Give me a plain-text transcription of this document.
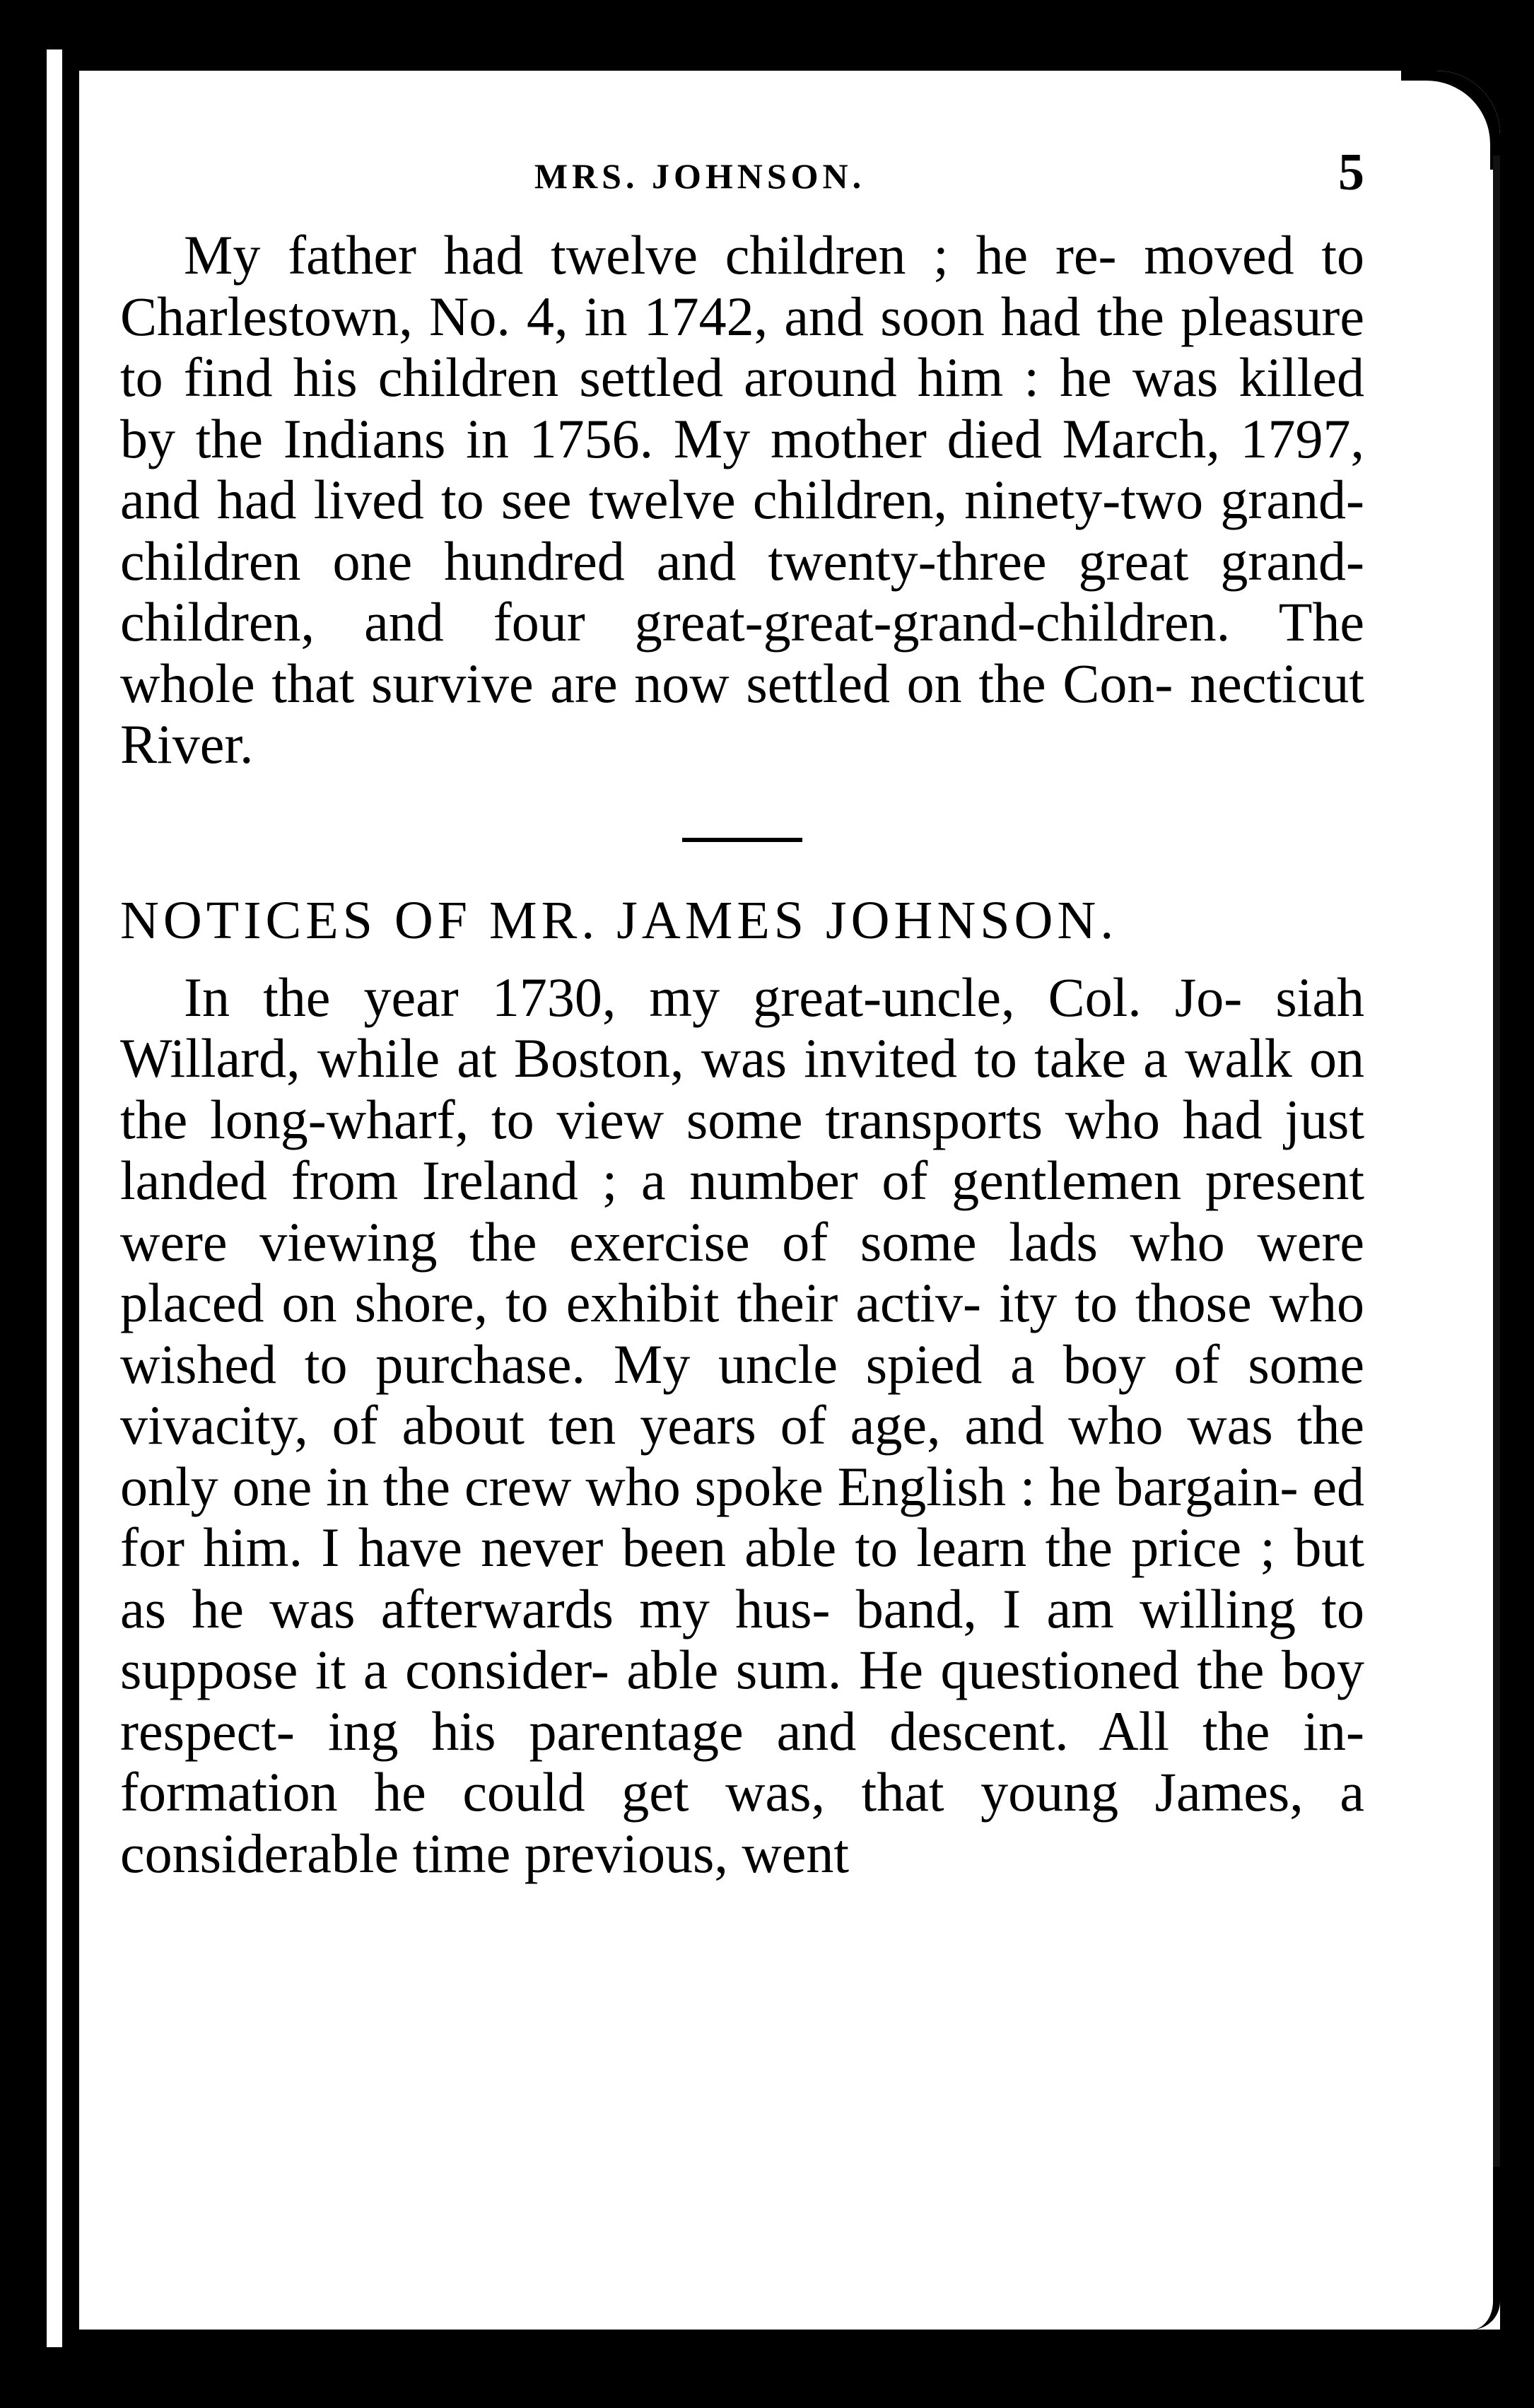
MRS. JOHNSON.	5

My father had twelve children ; he re- moved to Charlestown, No. 4, in 1742, and soon had the pleasure to find his children settled around him : he was killed by the Indians in 1756. My mother died March, 1797, and had lived to see twelve children, ninety-two grand-children one hundred and twenty-three great grand-children, and four great-great-grand-children. The whole that survive are now settled on the Con- necticut River.

NOTICES OF MR. JAMES JOHNSON.

In the year 1730, my great-uncle, Col. Jo- siah Willard, while at Boston, was invited to take a walk on the long-wharf, to view some transports who had just landed from Ireland ; a number of gentlemen present were viewing the exercise of some lads who were placed on shore, to exhibit their activ- ity to those who wished to purchase. My uncle spied a boy of some vivacity, of about ten years of age, and who was the only one in the crew who spoke English : he bargain- ed for him. I have never been able to learn the price ; but as he was afterwards my hus- band, I am willing to suppose it a consider- able sum. He questioned the boy respect- ing his parentage and descent. All the in- formation he could get was, that young James, a considerable time previous, went
